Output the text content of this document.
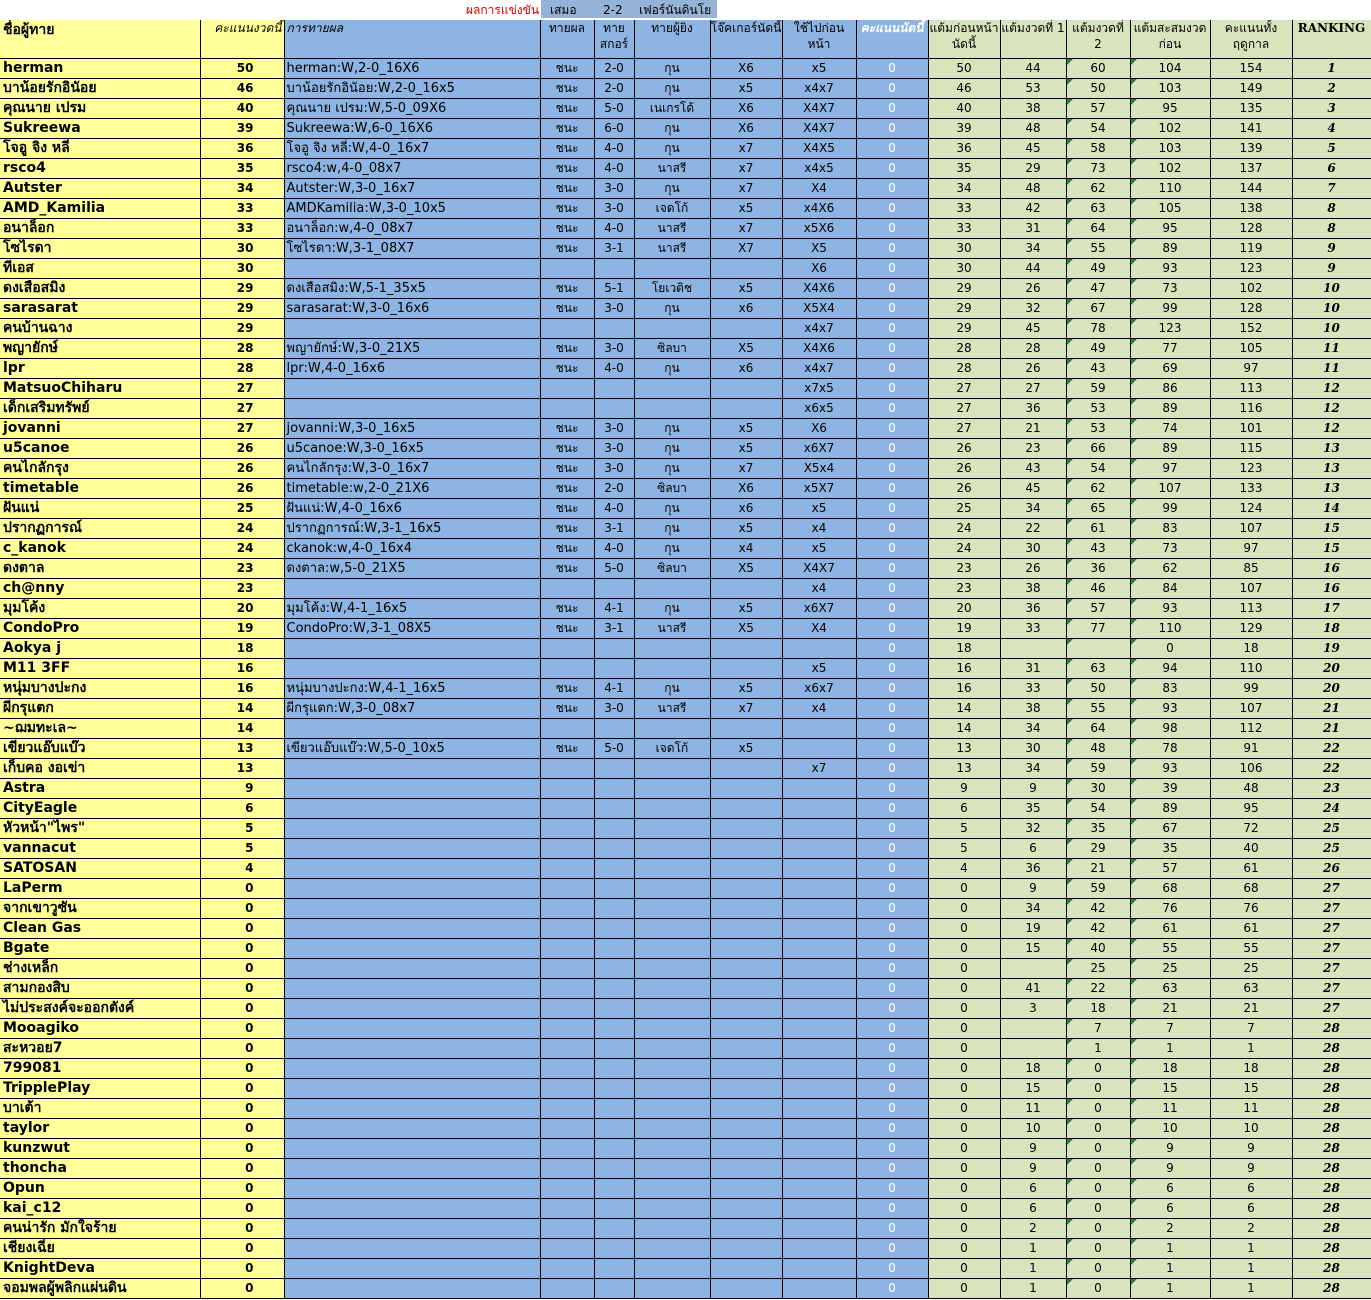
ผลการแข่งขัน เสมอ 2-2 เฟอร์นันดินโย
ชื่อผู้ทาย	คะแนนงวดนี้	การทายผล	ทายผล	ทาย สกอร์	ทายผู้ยิง	โจ๊คเกอร์นัดนี้	ใช้ไปก่อนหน้า	คะแนนนัดนี้	แต้มก่อนหน้านัดนี้	แต้มงวดที่ 1	แต้มงวดที่ 2	แต้มสะสมงวดก่อน	คะแนนทั้งฤดูกาล	RANKING
herman	50	herman:W,2-0_16X6	ชนะ	2-0	กุน	X6	x5	0	50	44	60	104	154	1
บาน้อยรักอินัอย	46	บาน้อยรักอินัอย:W,2-0_16x5	ชนะ	2-0	กุน	x5	x4x7	0	46	53	50	103	149	2
คุณนาย เปรม	40	คุณนาย เปรม:W,5-0_09X6	ชนะ	5-0	เนเกรโด้	X6	X4X7	0	40	38	57	95	135	3
Sukreewa	39	Sukreewa:W,6-0_16X6	ชนะ	6-0	กุน	X6	X4X7	0	39	48	54	102	141	4
โจอู จิง หลี่	36	โจอู จิง หลี่:W,4-0_16x7	ชนะ	4-0	กุน	x7	X4X5	0	36	45	58	103	139	5
rsco4	35	rsco4:w,4-0_08x7	ชนะ	4-0	นาสรี	x7	x4x5	0	35	29	73	102	137	6
Autster	34	Autster:W,3-0_16x7	ชนะ	3-0	กุน	x7	X4	0	34	48	62	110	144	7
AMD_Kamilia	33	AMDKamilia:W,3-0_10x5	ชนะ	3-0	เจดโก้	x5	x4X6	0	33	42	63	105	138	8
อนาล็อก	33	อนาล็อก:w,4-0_08x7	ชนะ	4-0	นาสรี	x7	x5X6	0	33	31	64	95	128	8
โซไรดา	30	โซไรดา:W,3-1_08X7	ชนะ	3-1	นาสรี	X7	X5	0	30	34	55	89	119	9
ทีเอส	30						X6	0	30	44	49	93	123	9
ดงเสือสมิง	29	ดงเสือสมิง:W,5-1_35x5	ชนะ	5-1	โยเวติช	x5	X4X6	0	29	26	47	73	102	10
sarasarat	29	sarasarat:W,3-0_16x6	ชนะ	3-0	กุน	x6	X5X4	0	29	32	67	99	128	10
คนบ้านฉาง	29						x4x7	0	29	45	78	123	152	10
พญายักษ์	28	พญายักษ์:W,3-0_21X5	ชนะ	3-0	ซิลบา	X5	X4X6	0	28	28	49	77	105	11
lpr	28	lpr:W,4-0_16x6	ชนะ	4-0	กุน	x6	x4x7	0	28	26	43	69	97	11
MatsuoChiharu	27						x7x5	0	27	27	59	86	113	12
เด็กเสริมทรัพย์	27						x6x5	0	27	36	53	89	116	12
jovanni	27	jovanni:W,3-0_16x5	ชนะ	3-0	กุน	x5	X6	0	27	21	53	74	101	12
u5canoe	26	u5canoe:W,3-0_16x5	ชนะ	3-0	กุน	x5	x6X7	0	26	23	66	89	115	13
คนไกลักรุง	26	คนไกลักรุง:W,3-0_16x7	ชนะ	3-0	กุน	x7	X5x4	0	26	43	54	97	123	13
timetable	26	timetable:w,2-0_21X6	ชนะ	2-0	ซิลบา	X6	x5X7	0	26	45	62	107	133	13
ฝันแน่	25	ฝันแน่:W,4-0_16x6	ชนะ	4-0	กุน	x6	x5	0	25	34	65	99	124	14
ปรากฏการณ์	24	ปรากฏการณ์:W,3-1_16x5	ชนะ	3-1	กุน	x5	x4	0	24	22	61	83	107	15
c_kanok	24	ckanok:w,4-0_16x4	ชนะ	4-0	กุน	x4	x5	0	24	30	43	73	97	15
ดงตาล	23	ดงตาล:w,5-0_21X5	ชนะ	5-0	ซิลบา	X5	X4X7	0	23	26	36	62	85	16
ch@nny	23						x4	0	23	38	46	84	107	16
มุมโค้ง	20	มุมโค้ง:W,4-1_16x5	ชนะ	4-1	กุน	x5	x6X7	0	20	36	57	93	113	17
CondoPro	19	CondoPro:W,3-1_08X5	ชนะ	3-1	นาสรี	X5	X4	0	19	33	77	110	129	18
Aokya j	18							0	18			0	18	19
M11 3FF	16						x5	0	16	31	63	94	110	20
หนุ่มบางปะกง	16	หนุ่มบางปะกง:W,4-1_16x5	ชนะ	4-1	กุน	x5	x6x7	0	16	33	50	83	99	20
ผีกรุแตก	14	ผีกรุแตก:W,3-0_08x7	ชนะ	3-0	นาสรี	x7	x4	0	14	38	55	93	107	21
~ฌมทะเล~	14							0	14	34	64	98	112	21
เขียวแอ๊บแบ๊ว	13	เขียวแอ๊บแบ๊ว:W,5-0_10x5	ชนะ	5-0	เจดโก้	x5		0	13	30	48	78	91	22
เก็บคอ งอเข่า	13						x7	0	13	34	59	93	106	22
Astra	9							0	9	9	30	39	48	23
CityEagle	6							0	6	35	54	89	95	24
หัวหน้า"ไพร"	5							0	5	32	35	67	72	25
vannacut	5							0	5	6	29	35	40	25
SATOSAN	4							0	4	36	21	57	61	26
LaPerm	0							0	0	9	59	68	68	27
จากเขาวูซัน	0							0	0	34	42	76	76	27
Clean Gas	0							0	0	19	42	61	61	27
Bgate	0							0	0	15	40	55	55	27
ช่างเหล็ก	0							0	0		25	25	25	27
สามกองสิบ	0							0	0	41	22	63	63	27
ไม่ประสงค์จะออกตังค์	0							0	0	3	18	21	21	27
Mooagiko	0							0	0		7	7	7	28
สะหวอย7	0							0	0		1	1	1	28
799081	0							0	0	18	0	18	18	28
TripplePlay	0							0	0	15	0	15	15	28
บาเต้า	0							0	0	11	0	11	11	28
taylor	0							0	0	10	0	10	10	28
kunzwut	0							0	0	9	0	9	9	28
thoncha	0							0	0	9	0	9	9	28
Opun	0							0	0	6	0	6	6	28
kai_c12	0							0	0	6	0	6	6	28
คนน่ารัก มักใจร้าย	0							0	0	2	0	2	2	28
เชียงเฉี่ย	0							0	0	1	0	1	1	28
KnightDeva	0							0	0	1	0	1	1	28
จอมพลผู้พลิกแผ่นดิน	0							0	0	1	0	1	1	28
